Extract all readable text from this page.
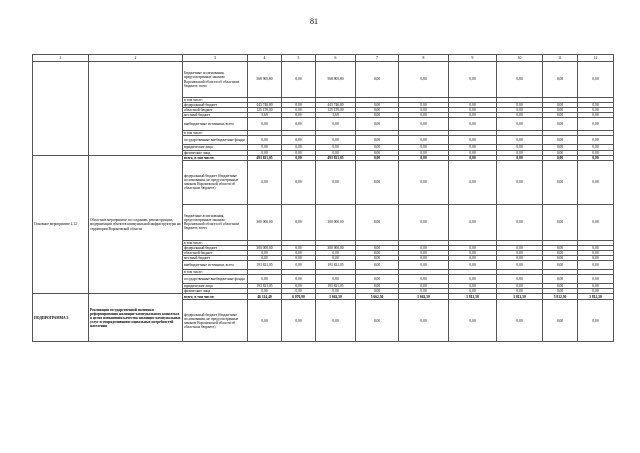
81
1	2	3	4	5	6	7	8	9	10	11	12
		Бюджетные ассигнования, предусмотренные законом Воронежской области об областном бюджете, всего	568 905,80	0,00	568 905,80	0,00	0,00	0,00	0,00	0,00	0,00
		в том числе:									
		федеральный бюджет	443 746,80	0,00	443 746,80	0,00	0,00	0,00	0,00	0,00	0,00
		областной бюджет	125 159,00	0,00	125 159,00	0,00	0,00	0,00	0,00	0,00	0,00
		местный бюджет	5,69	0,00	5,69	0,00	0,00	0,00	0,00	0,00	0,00
		внебюджетные источники, всего	0,00	0,00	0,00	0,00	0,00	0,00	0,00	0,00	0,00
		в том числе:									
		государственные внебюджетные фонды	0,00	0,00	0,00	0,00	0,00	0,00	0,00	0,00	0,00
		юридические лица	0,00	0,00	0,00	0,00	0,00	0,00	0,00	0,00	0,00
		физические лица	0,00	0,00	0,00	0,00	0,00	0,00	0,00	0,00	0,00
Основное мероприятие 2.12	Областное мероприятие по созданию, реконструкции, модернизации объектов коммунальной инфраструктуры на территории Воронежской области	всего, в том числе:	493 821,05	0,00	493 821,05	0,00	0,00	0,00	0,00	0,00	0,00
		федеральный бюджет (бюджетные ассигнования, не предусмотренные законом Воронежской области об областном бюджете)	0,00	0,00	0,00	0,00	0,00	0,00	0,00	0,00	0,00
		бюджетные ассигнования, предусмотренные законом Воронежской области об областном бюджете, всего	300 000,00	0,00	300 000,00	0,00	0,00	0,00	0,00	0,00	0,00
		в том числе:									
		федеральный бюджет	300 000,00	0,00	300 000,00	0,00	0,00	0,00	0,00	0,00	0,00
		областной бюджет	0,00	0,00	0,00	0,00	0,00	0,00	0,00	0,00	0,00
		местный бюджет	0,00	0,00	0,00	0,00	0,00	0,00	0,00	0,00	0,00
		внебюджетные источники, всего	193 821,05	0,00	193 821,05	0,00	0,00	0,00	0,00	0,00	0,00
		в том числе:									
		государственные внебюджетные фонды	0,00	0,00	0,00	0,00	0,00	0,00	0,00	0,00	0,00
		юридические лица	193 821,05	0,00	193 821,05	0,00	0,00	0,00	0,00	0,00	0,00
		физические лица	0,00	0,00	0,00	0,00	0,00	0,00	0,00	0,00	0,00
ПОДПРОГРАММА 3	Реализация государственной политики реформирования жилищно-коммунального комплекса в целях повышения качества жилищно-коммунальных услуг и упорядочивания социальных потребностей населения	всего, в том числе:	46 314,40	6 076,90	5 662,50	5 662,50	5 662,50	5 812,50	5 812,50	5 812,50	5 812,50
		федеральный бюджет (бюджетные ассигнования, не предусмотренные законом Воронежской области об областном бюджете)	0,00	0,00	0,00	0,00	0,00	0,00	0,00	0,00	0,00
